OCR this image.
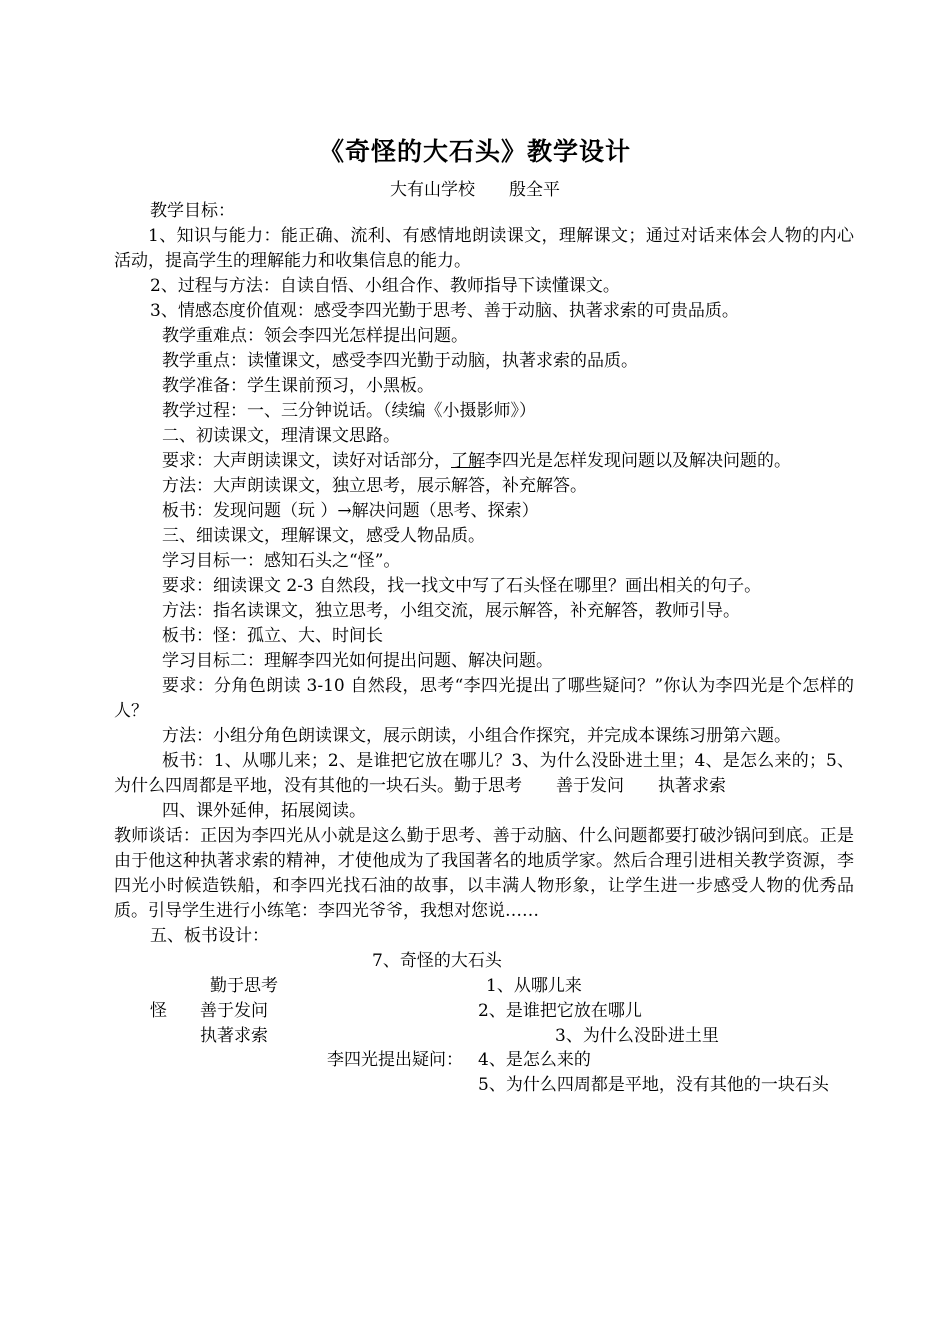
《奇怪的大石头》教学设计
大有山学校 殷全平
教学目标：
1、知识与能力：能正确、流利、有感情地朗读课文，理解课文；通过对话来体会人物的内心活动，提高学生的理解能力和收集信息的能力。
2、过程与方法：自读自悟、小组合作、教师指导下读懂课文。
3、情感态度价值观：感受李四光勤于思考、善于动脑、执著求索的可贵品质。
教学重难点：领会李四光怎样提出问题。
教学重点：读懂课文，感受李四光勤于动脑，执著求索的品质。
教学准备：学生课前预习，小黑板。
教学过程：一、三分钟说话。（续编《小摄影师》）
二、初读课文，理清课文思路。
要求：大声朗读课文，读好对话部分，了解李四光是怎样发现问题以及解决问题的。
方法：大声朗读课文，独立思考，展示解答，补充解答。
板书：发现问题（玩 ）→解决问题（思考、探索）
三、细读课文，理解课文，感受人物品质。
学习目标一：感知石头之“怪”。
要求：细读课文 2-3 自然段，找一找文中写了石头怪在哪里？画出相关的句子。
方法：指名读课文，独立思考，小组交流，展示解答，补充解答，教师引导。
板书：怪：孤立、大、时间长
学习目标二：理解李四光如何提出问题、解决问题。
要求：分角色朗读 3-10 自然段，思考“李四光提出了哪些疑问？”你认为李四光是个怎样的人？
方法：小组分角色朗读课文，展示朗读，小组合作探究，并完成本课练习册第六题。
板书：1、从哪儿来；2、是谁把它放在哪儿？3、为什么没卧进土里；4、是怎么来的；5、为什么四周都是平地，没有其他的一块石头。勤于思考　　善于发问　　执著求索
四、课外延伸，拓展阅读。
教师谈话：正因为李四光从小就是这么勤于思考、善于动脑、什么问题都要打破沙锅问到底。正是由于他这种执著求索的精神，才使他成为了我国著名的地质学家。然后合理引进相关教学资源，李四光小时候造铁船，和李四光找石油的故事，以丰满人物形象，让学生进一步感受人物的优秀品质。引导学生进行小练笔：李四光爷爷，我想对您说……
五、板书设计：
7、奇怪的大石头
勤于思考
怪 善于发问
执著求索
李四光提出疑问：
1、从哪儿来
2、是谁把它放在哪儿
3、为什么没卧进土里
4、是怎么来的
5、为什么四周都是平地，没有其他的一块石头
